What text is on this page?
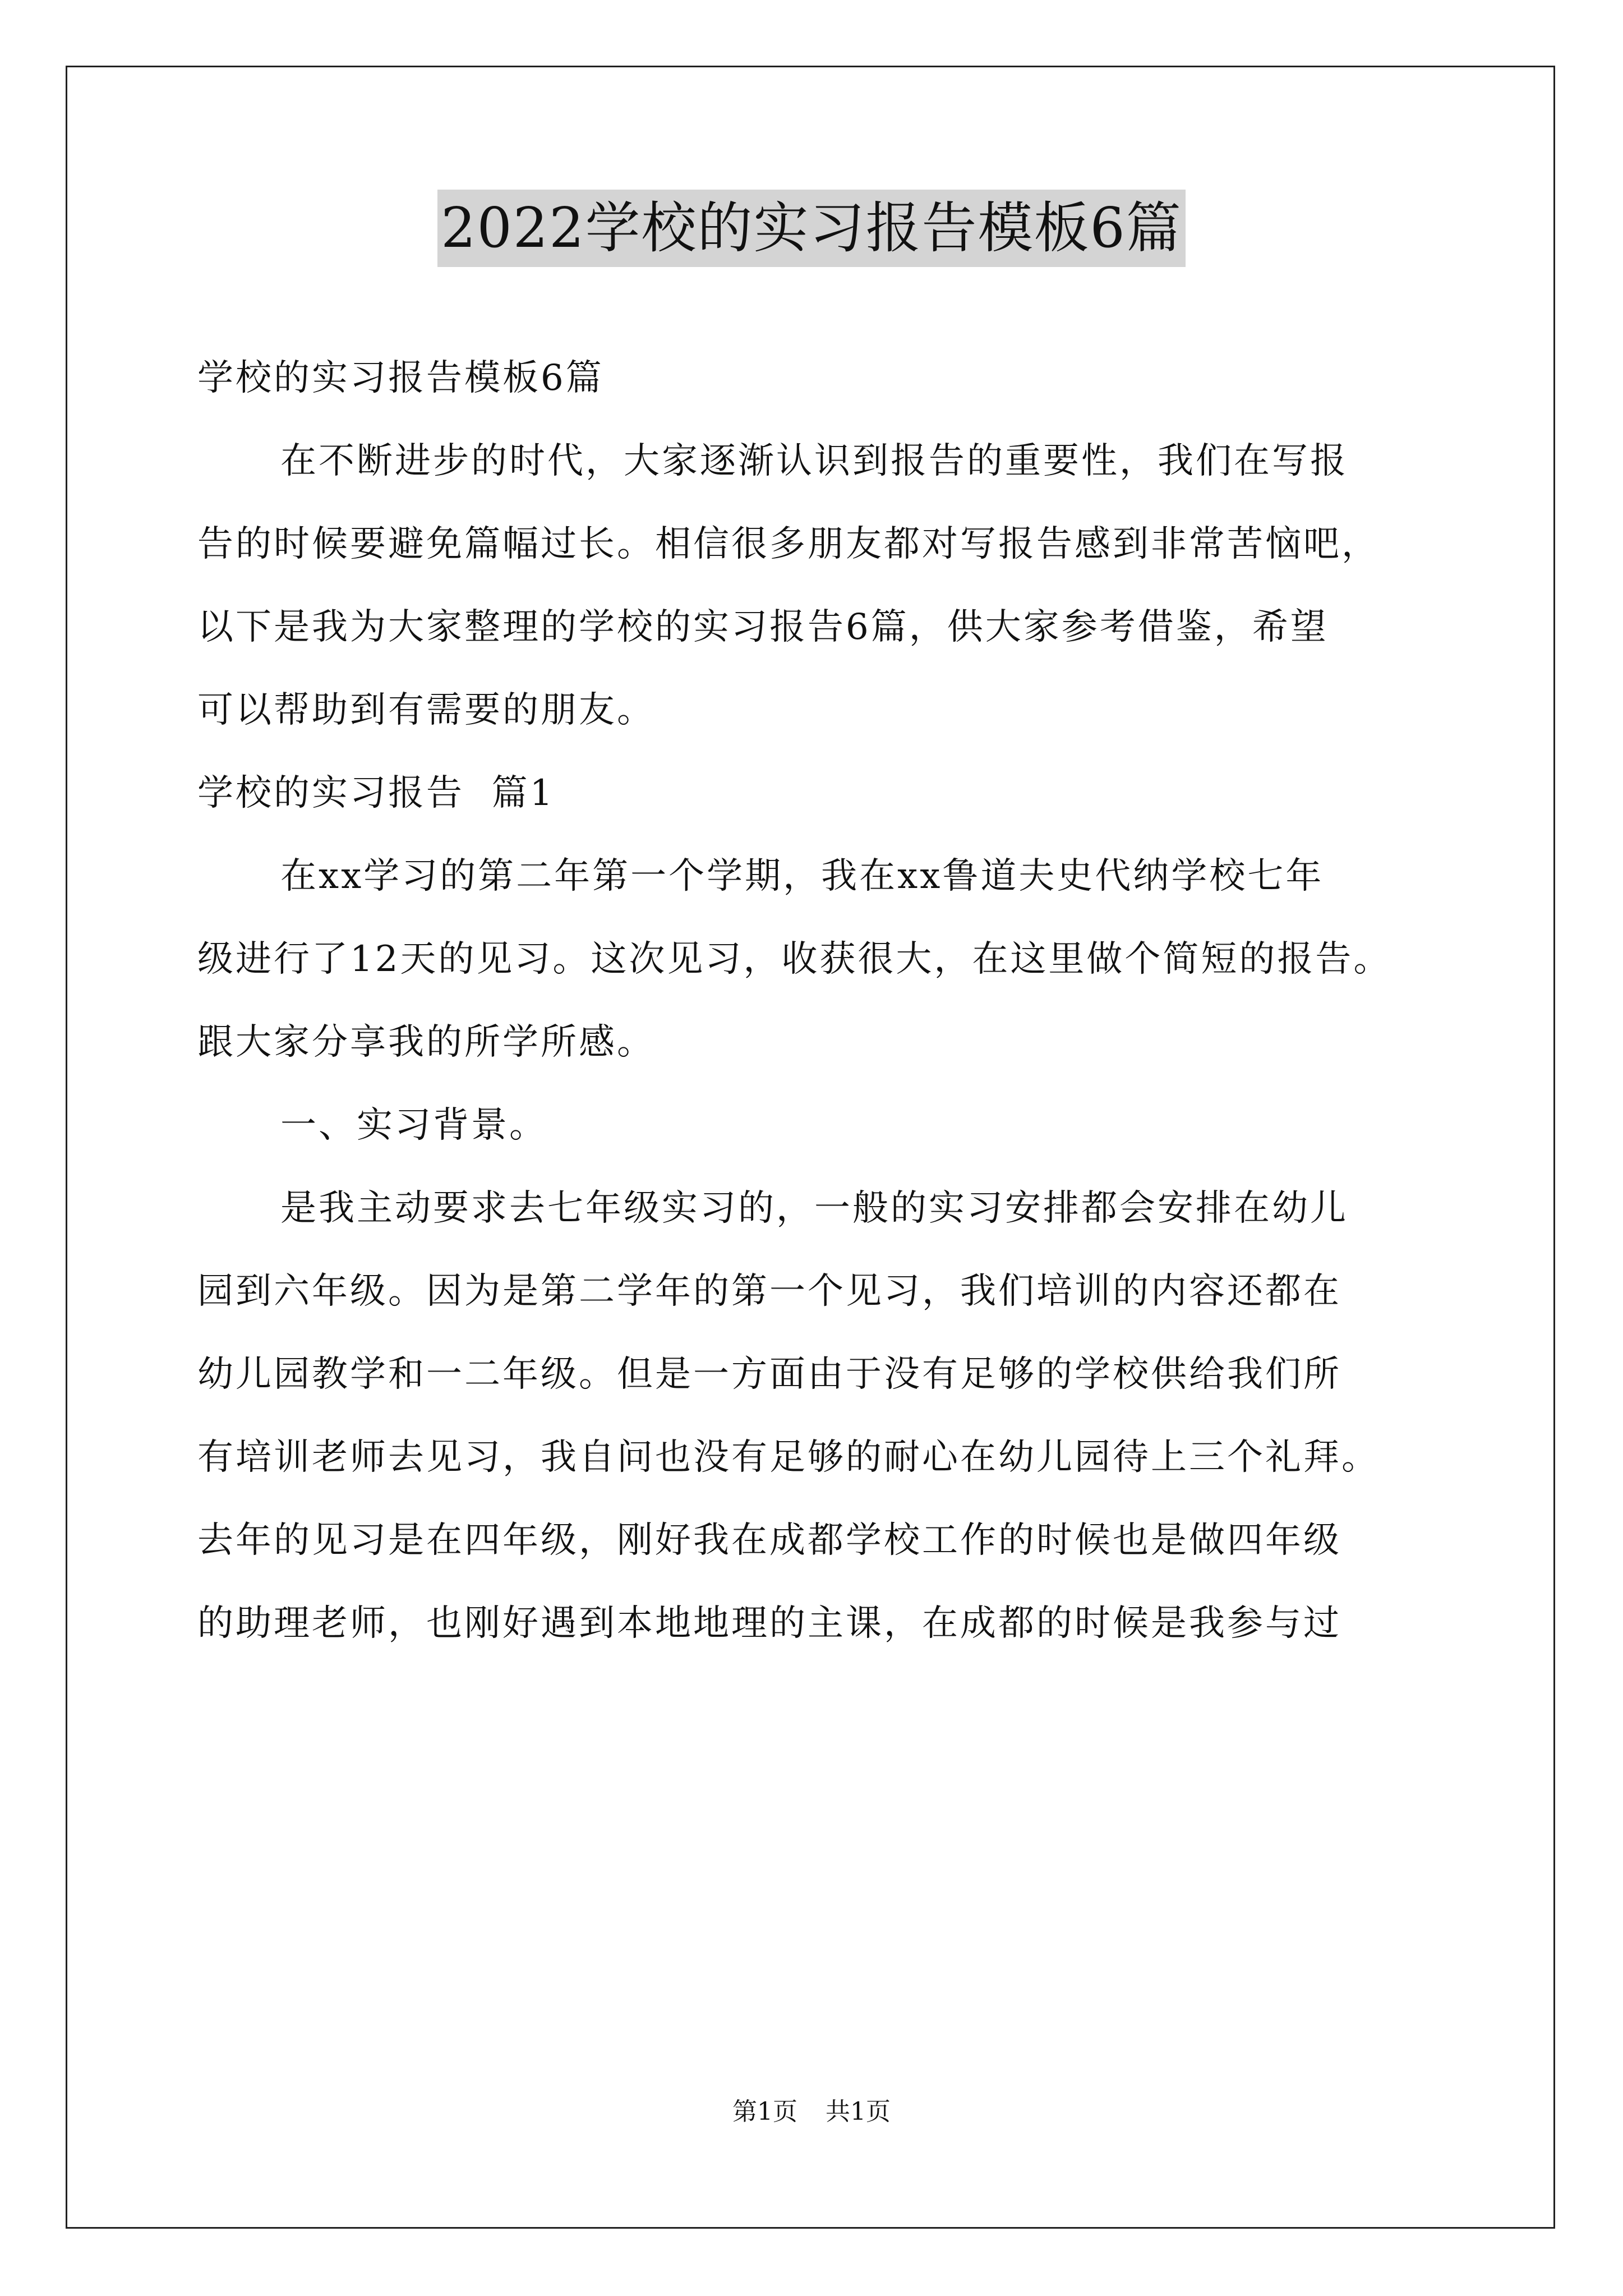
2022学校的实习报告模板6篇
学校的实习报告模板6篇
在不断进步的时代，大家逐渐认识到报告的重要性，我们在写报
告的时候要避免篇幅过长。相信很多朋友都对写报告感到非常苦恼吧，
以下是我为大家整理的学校的实习报告6篇，供大家参考借鉴，希望
可以帮助到有需要的朋友。
学校的实习报告  篇1
在xx学习的第二年第一个学期，我在xx鲁道夫史代纳学校七年
级进行了12天的见习。这次见习，收获很大，在这里做个简短的报告。
跟大家分享我的所学所感。
一、实习背景。
是我主动要求去七年级实习的，一般的实习安排都会安排在幼儿
园到六年级。因为是第二学年的第一个见习，我们培训的内容还都在
幼儿园教学和一二年级。但是一方面由于没有足够的学校供给我们所
有培训老师去见习，我自问也没有足够的耐心在幼儿园待上三个礼拜。
去年的见习是在四年级，刚好我在成都学校工作的时候也是做四年级
的助理老师，也刚好遇到本地地理的主课，在成都的时候是我参与过
第1页 共1页
